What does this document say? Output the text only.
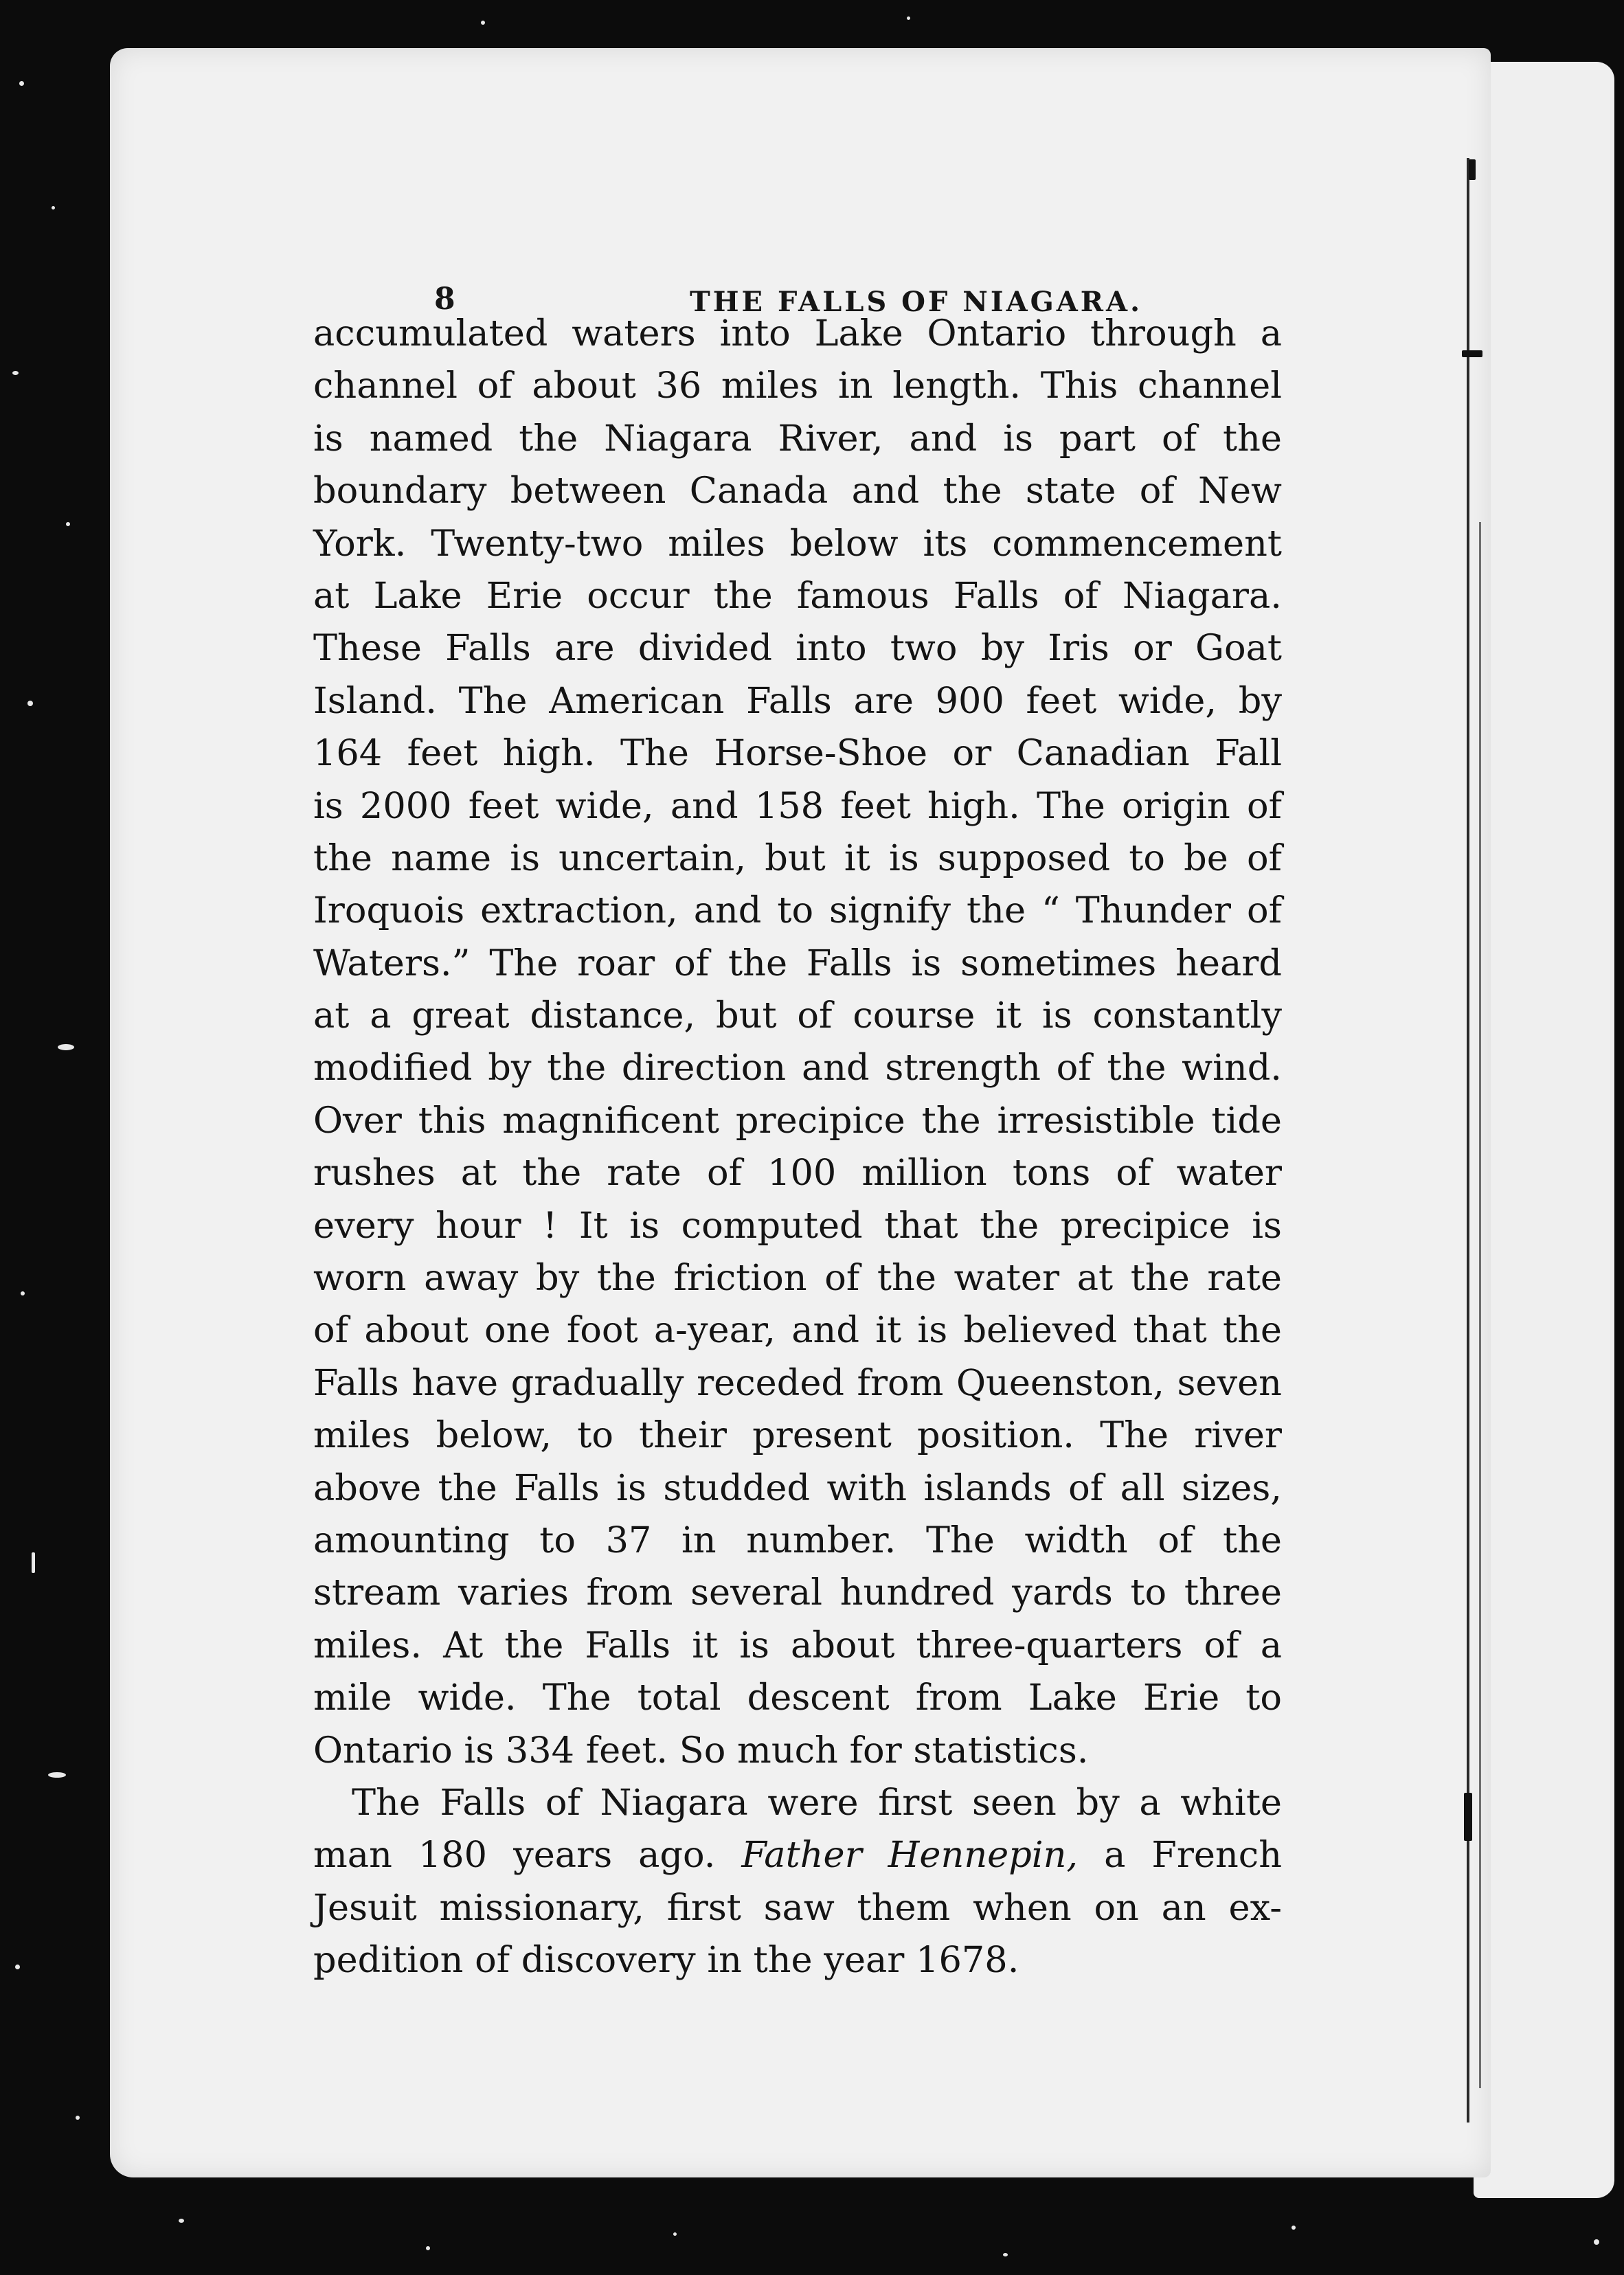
8	THE FALLS OF NIAGARA.
accumulated waters into Lake Ontario through a
channel of about 36 miles in length. This channel
is named the Niagara River, and is part of the
boundary between Canada and the state of New
York. Twenty-two miles below its commencement
at Lake Erie occur the famous Falls of Niagara.
These Falls are divided into two by Iris or Goat
Island. The American Falls are 900 feet wide, by
164 feet high. The Horse-Shoe or Canadian Fall
is 2000 feet wide, and 158 feet high. The origin of
the name is uncertain, but it is supposed to be of
Iroquois extraction, and to signify the “ Thunder of
Waters.” The roar of the Falls is sometimes heard
at a great distance, but of course it is constantly
modified by the direction and strength of the wind.
Over this magnificent precipice the irresistible tide
rushes at the rate of 100 million tons of water
every hour ! It is computed that the precipice is
worn away by the friction of the water at the rate
of about one foot a-year, and it is believed that the
Falls have gradually receded from Queenston, seven
miles below, to their present position. The river
above the Falls is studded with islands of all sizes,
amounting to 37 in number. The width of the
stream varies from several hundred yards to three
miles. At the Falls it is about three-quarters of a
mile wide. The total descent from Lake Erie to
Ontario is 334 feet. So much for statistics.
The Falls of Niagara were first seen by a white
man 180 years ago. Father Hennepin, a French
Jesuit missionary, first saw them when on an ex-
pedition of discovery in the year 1678.
